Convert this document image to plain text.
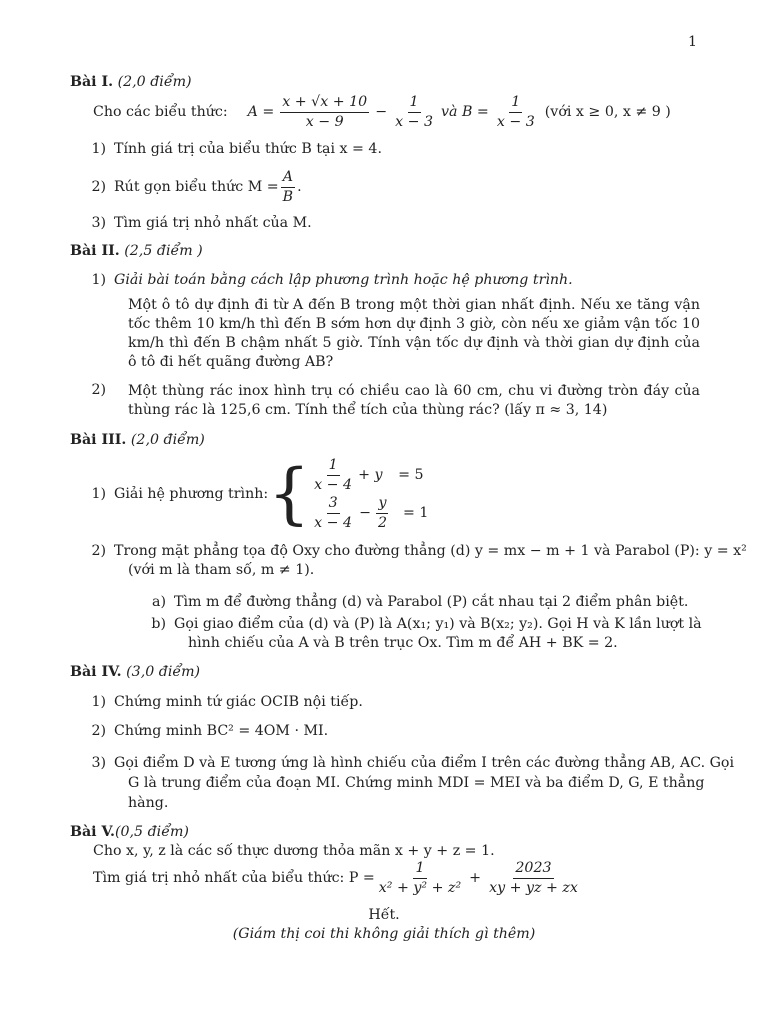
1
Bài I. (2,0 điểm)
Cho các biểu thức: $A = \frac{x + √x + 10}{x - 9} - \frac{1}{x - 3}$ và $B = \frac{1}{x - 3}$ (với x ≥ 0, x ≠ 9 )
1) Tính giá trị của biểu thức B tại x = 4.
2) Rút gọn biểu thức $M = \frac{A}{B}$ .
3) Tìm giá trị nhỏ nhất của M.
Bài II. (2,5 điểm )
1) Giải bài toán bằng cách lập phương trình hoặc hệ phương trình.
Một ô tô dự định đi từ A đến B trong một thời gian nhất định. Nếu xe tăng vận tốc thêm 10 km/h thì đến B sớm hơn dự định 3 giờ, còn nếu xe giảm vận tốc 10 km/h thì đến B chậm nhất 5 giờ. Tính vận tốc dự định và thời gian dự định của ô tô đi hết quãng đường AB?
2)	Một thùng rác inox hình trụ có chiều cao là 60 cm, chu vi đường tròn đáy của thùng rác là 125,6 cm. Tính thể tích của thùng rác? (lấy π ≈ 3, 14)
Bài III. (2,0 điểm)
1) Giải hệ phương trình: { $\frac{1}{x - 4} + y$	= 5
$\frac{3}{x - 4} - \frac{y}{2} = 1$
2) Trong mặt phẳng tọa độ Oxy cho đường thẳng (d) y = mx − m + 1 và Parabol (P): y = x²
(với m là tham số, m ≠ 1).
a) Tìm m để đường thẳng (d) và Parabol (P) cắt nhau tại 2 điểm phân biệt.
b) Gọi giao điểm của (d) và (P) là A(x₁; y₁) và B(x₂; y₂). Gọi H và K lần lượt là
hình chiếu của A và B trên trục Ox. Tìm m để AH + BK = 2.
Bài IV. (3,0 điểm)
1) Chứng minh tứ giác OCIB nội tiếp.
2) Chứng minh BC² = 4OM · MI.
3) Gọi điểm D và E tương ứng là hình chiếu của điểm I trên các đường thẳng AB, AC. Gọi
G là trung điểm của đoạn MI. Chứng minh MDI = MEI và ba điểm D, G, E thẳng
hàng.
Bài V.(0,5 điểm)
Cho x, y, z là các số thực dương thỏa mãn x + y + z = 1.
Tìm giá trị nhỏ nhất của biểu thức: $P = \frac{1}{\text{x² + y² + z²}} + \frac{2023}{xy + yz + zx}$
Hết.
(Giám thị coi thi không giải thích gì thêm)
